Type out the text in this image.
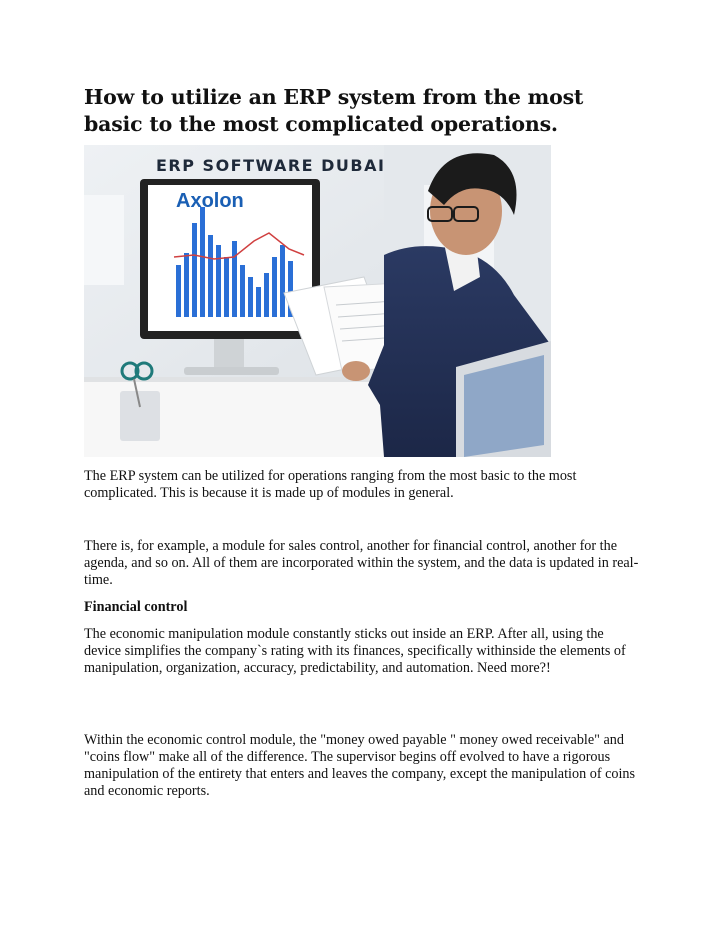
How to utilize an ERP system from the most basic to the most complicated operations.
ERP SOFTWARE DUBAI
Axolon

The ERP system can be utilized for operations ranging from the most basic to the most complicated. This is because it is made up of modules in general.

There is, for example, a module for sales control, another for financial control, another for the agenda, and so on. All of them are incorporated within the system, and the data is updated in real-time.

Financial control

The economic manipulation module constantly sticks out inside an ERP. After all, using the device simplifies the company`s rating with its finances, specifically withinside the elements of manipulation, organization, accuracy, predictability, and automation. Need more?!

Within the economic control module, the "money owed payable " money owed receivable" and "coins flow" make all of the difference. The supervisor begins off evolved to have a rigorous manipulation of the entirety that enters and leaves the company, except the manipulation of coins and economic reports.
